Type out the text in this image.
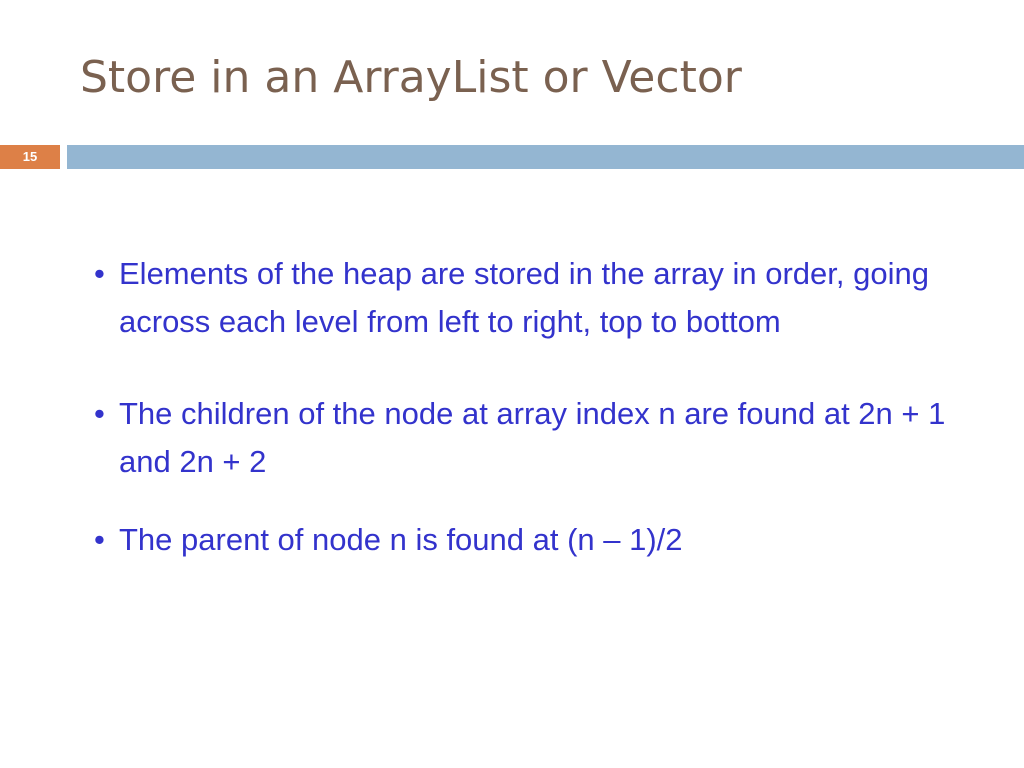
Store in an ArrayList or Vector
15
• Elements of the heap are stored in the array in order, going across each level from left to right, top to bottom
• The children of the node at array index n are found at 2n + 1 and 2n + 2
• The parent of node n is found at (n – 1)/2
